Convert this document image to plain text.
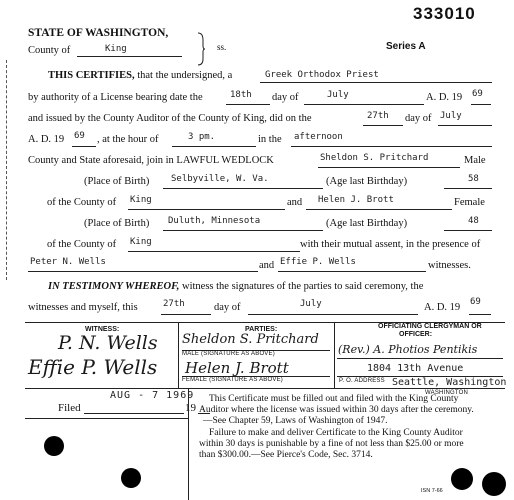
333010
STATE OF WASHINGTON,
County of	King	ss.	Series A
THIS CERTIFIES, that the undersigned, a	Greek Orthodox Priest
by authority of a License bearing date the	18th day of	July	A. D. 19 69
and issued by the County Auditor of the County of King, did on the	27th day of July
A. D. 19 69 , at the hour of	3 pm.	in the afternoon
County and State aforesaid, join in LAWFUL WEDLOCK	Sheldon S. Pritchard	Male
(Place of Birth) Selbyville, W. Va.	(Age last Birthday)	58
of the County of King	and Helen J. Brott	Female
(Place of Birth) Duluth, Minnesota	(Age last Birthday)	48
of the County of King	with their mutual assent, in the presence of
Peter N. Wells	and Effie P. Wells	witnesses.
IN TESTIMONY WHEREOF, witness the signatures of the parties to said ceremony, the
witnesses and myself, this	27th	day of	July	A. D. 19 69
WITNESS:	PARTIES:	OFFICIATING CLERGYMAN OR
OFFICER:
P. N. Wells
Effie P. Wells
Sheldon S. Pritchard
MALE (SIGNATURE AS ABOVE)
Helen J. Brott
FEMALE (SIGNATURE AS ABOVE)
(Rev.) A. Photios Pentikis
1804 13th Avenue
P. O. ADDRESS Seattle, Washington
WASHINGTON
Filed
AUG - 7 1969
19
This Certificate must be filled out and filed with the King County
Auditor where the license was issued within 30 days after the ceremony.
—See Chapter 59, Laws of Washington of 1947.
Failure to make and deliver Certificate to the King County Auditor
within 30 days is punishable by a fine of not less than $25.00 or more
than $300.00.—See Pierce's Code, Sec. 3714.
ISN 7-66
